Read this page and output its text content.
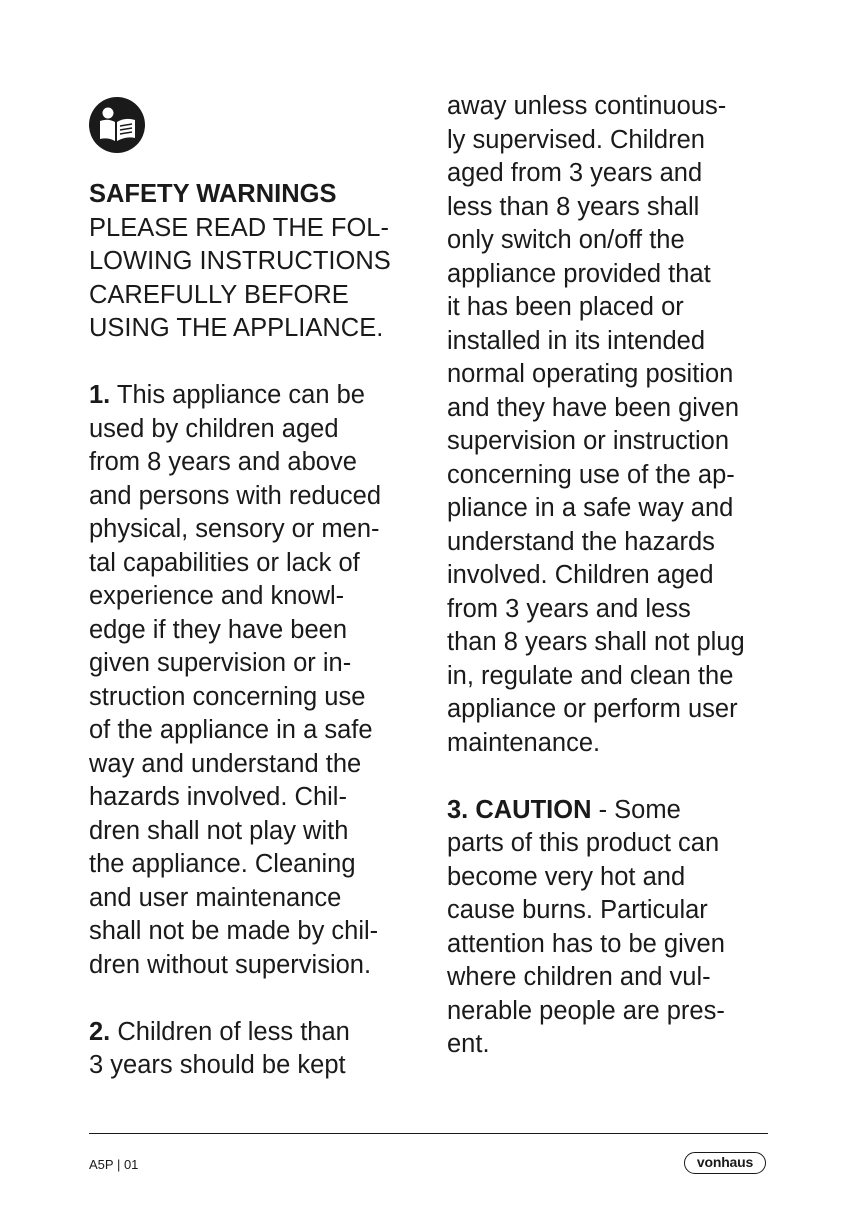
SAFETY WARNINGS
PLEASE READ THE FOL-
LOWING INSTRUCTIONS
CAREFULLY BEFORE
USING THE APPLIANCE.
1. This appliance can be
used by children aged
from 8 years and above
and persons with reduced
physical, sensory or men-
tal capabilities or lack of
experience and knowl-
edge if they have been
given supervision or in-
struction concerning use
of the appliance in a safe
way and understand the
hazards involved. Chil-
dren shall not play with
the appliance. Cleaning
and user maintenance
shall not be made by chil-
dren without supervision.
2. Children of less than
3 years should be kept
away unless continuous-
ly supervised. Children
aged from 3 years and
less than 8 years shall
only switch on/off the
appliance provided that
it has been placed or
installed in its intended
normal operating position
and they have been given
supervision or instruction
concerning use of the ap-
pliance in a safe way and
understand the hazards
involved. Children aged
from 3 years and less
than 8 years shall not plug
in, regulate and clean the
appliance or perform user
maintenance.
3. CAUTION - Some
parts of this product can
become very hot and
cause burns. Particular
attention has to be given
where children and vul-
nerable people are pres-
ent.
A5P | 01	vonhaus
